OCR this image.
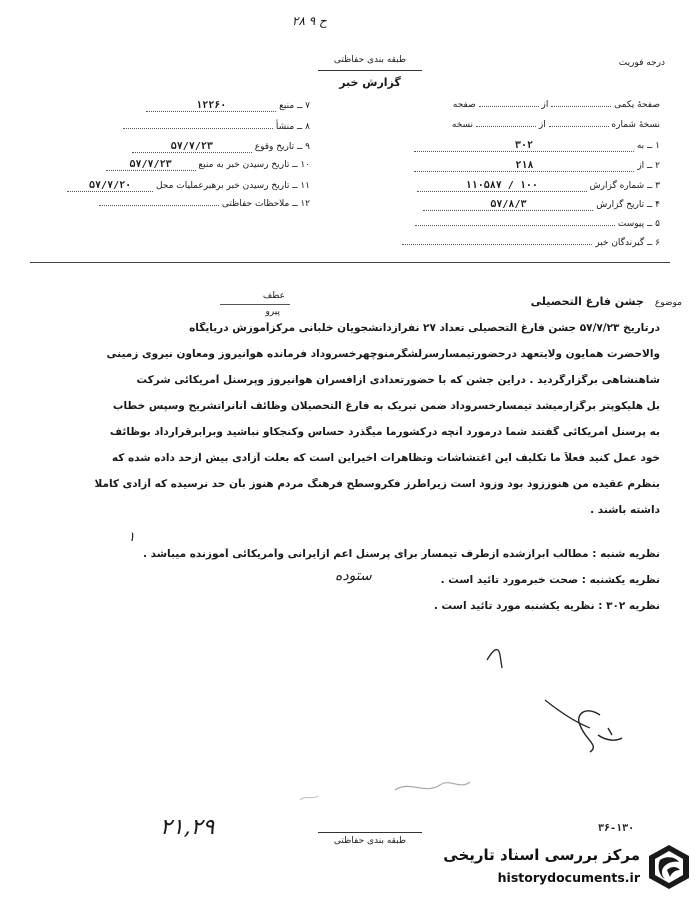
۲۸ ح ۹
طبقه بندی حفاظتی
گزارش خبر
درجه فوریت
۷ ــ منبع ۱۲۲۶۰
۸ ــ منشأ
۹ ــ تاریخ وقوع ۵۷/۷/۲۳
۱۰ ــ تاریخ رسیدن خبر به منبع ۵۷/۷/۲۳
۱۱ ــ تاریخ رسیدن خبر برهبرعملیات محل ۵۷/۷/۲۰
۱۲ ــ ملاحظات حفاظتی
صفحهٔ یکمی  از  صفحه
نسخهٔ شماره  از  نسخه
۱ ــ به ۳۰۲
۲ ــ از ۲۱۸
۳ ــ شماره گزارش ۱۰۰ / ۱۱۰۵۸۷
۴ ــ تاریخ گزارش ۵۷/۸/۳
۵ ــ پیوست
۶ ــ گیرندگان خبر
عطف
پیرو
موضوع جشن فارغ التحصیلی
درتاریخ ۵۷/۷/۲۳ جشن فارغ التحصیلی تعداد ۲۷ نفرازدانشجویان خلبانی مرکزآموزش دریایگاه
والاحضرت همایون ولایتعهد درحضورتیمسارسرلشگرمنوچهرخسروداد فرمانده هوانیروز ومعاون نیروی زمینی
شاهنشاهی برگزارگردید . دراین جشن که با حضورتعدادی ازافسران هوانیروز وپرسنل آمریکائی شرکت
بل هلیکوپتر برگزارمیشد تیمسارخسروداد ضمن تبریک به فارغ التحصیلان وظائف آنانراتشریح وسپس خطاب
به پرسنل آمریکائی گفتند شما درمورد آنچه درکشورما میگذرد حساس وکنجکاو نباشید وبرابرقرارداد بوظائف
خود عمل کنید فعلاً ما تکلیف این اغتشاشات وتظاهرات اخیراین است که بعلت آزادی بیش ازحد داده شده که
بنظرم عقیده من هنوززود بود وزود است زیراطرز فکروسطح فرهنگ مردم هنوز بآن حد نرسیده که آزادی کاملا
داشته باشند .
۱
نظریه شنبه : مطالب ابرازشده ازطرف تیمسار برای پرسنل اعم ازایرانی وآمریکائی آموزنده میباشد .
نظریه یکشنبه : صحت خبرمورد تائید است .
نظریه ۳۰۲ : نظریه یکشنبه مورد تائید است .
ﺳﺘﻮﺩﻩ
۲۱,۲۹
طبقه بندی حفاظتی
۳۶-۱۳۰
مرکز بررسی اسناد تاریخی
historydocuments.ir
